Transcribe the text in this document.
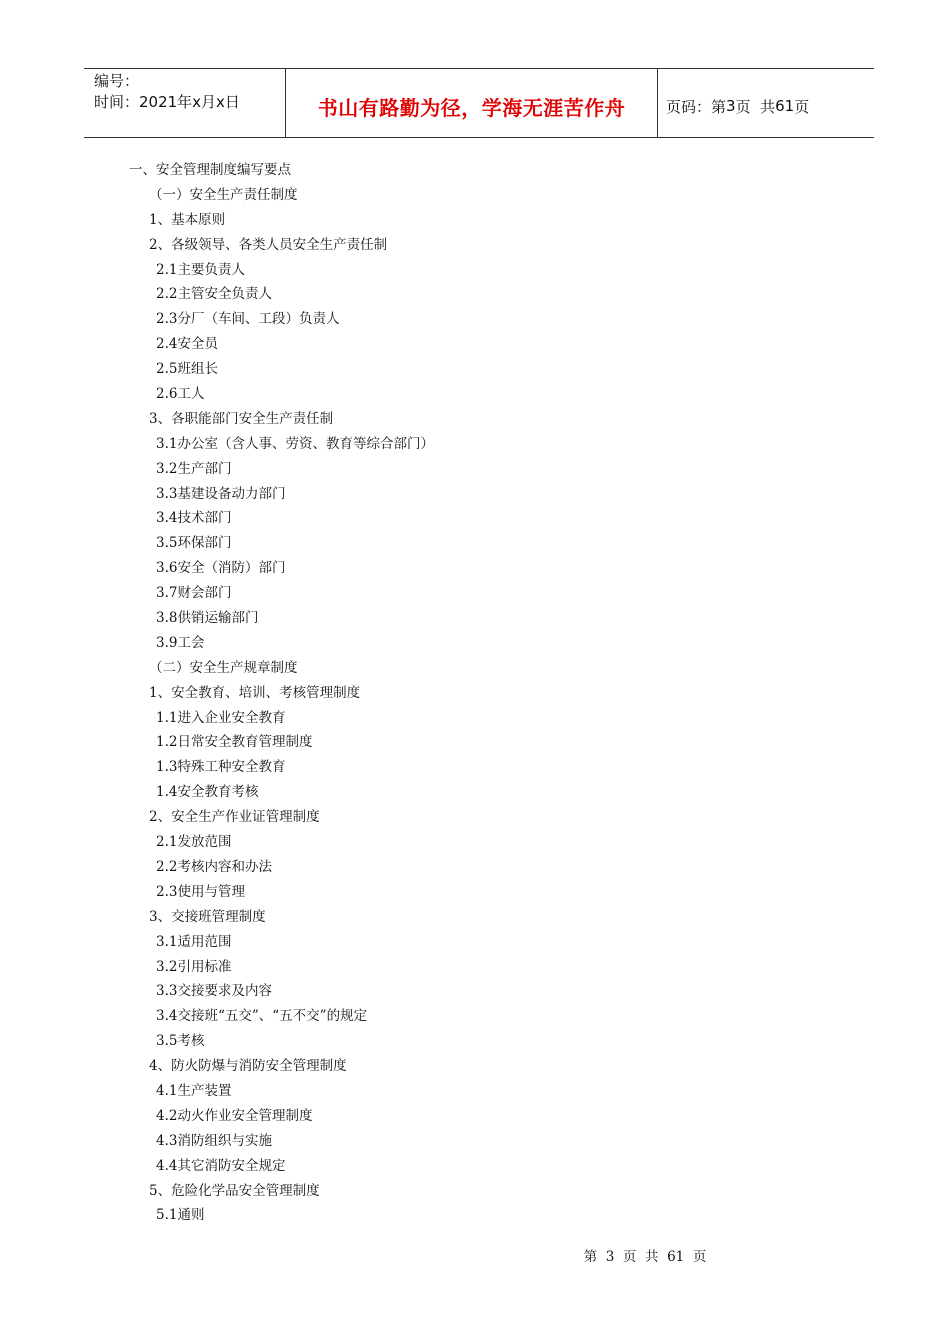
编号：
时间：2021年x月x日	书山有路勤为径，学海无涯苦作舟	页码：第 3 页  共 61 页
一、安全管理制度编写要点
（一）安全生产责任制度
1、基本原则
2、各级领导、各类人员安全生产责任制
2.1主要负责人
2.2主管安全负责人
2.3分厂（车间、工段）负责人
2.4安全员
2.5班组长
2.6工人
3、各职能部门安全生产责任制
3.1办公室（含人事、劳资、教育等综合部门）
3.2生产部门
3.3基建设备动力部门
3.4技术部门
3.5环保部门
3.6安全（消防）部门
3.7财会部门
3.8供销运输部门
3.9工会
（二）安全生产规章制度
1、安全教育、培训、考核管理制度
1.1进入企业安全教育
1.2日常安全教育管理制度
1.3特殊工种安全教育
1.4安全教育考核
2、安全生产作业证管理制度
2.1发放范围
2.2考核内容和办法
2.3使用与管理
3、交接班管理制度
3.1适用范围
3.2引用标准
3.3交接要求及内容
3.4交接班“五交”、“五不交”的规定
3.5考核
4、防火防爆与消防安全管理制度
4.1生产装置
4.2动火作业安全管理制度
4.3消防组织与实施
4.4其它消防安全规定
5、危险化学品安全管理制度
5.1通则
第  3  页  共  61  页
